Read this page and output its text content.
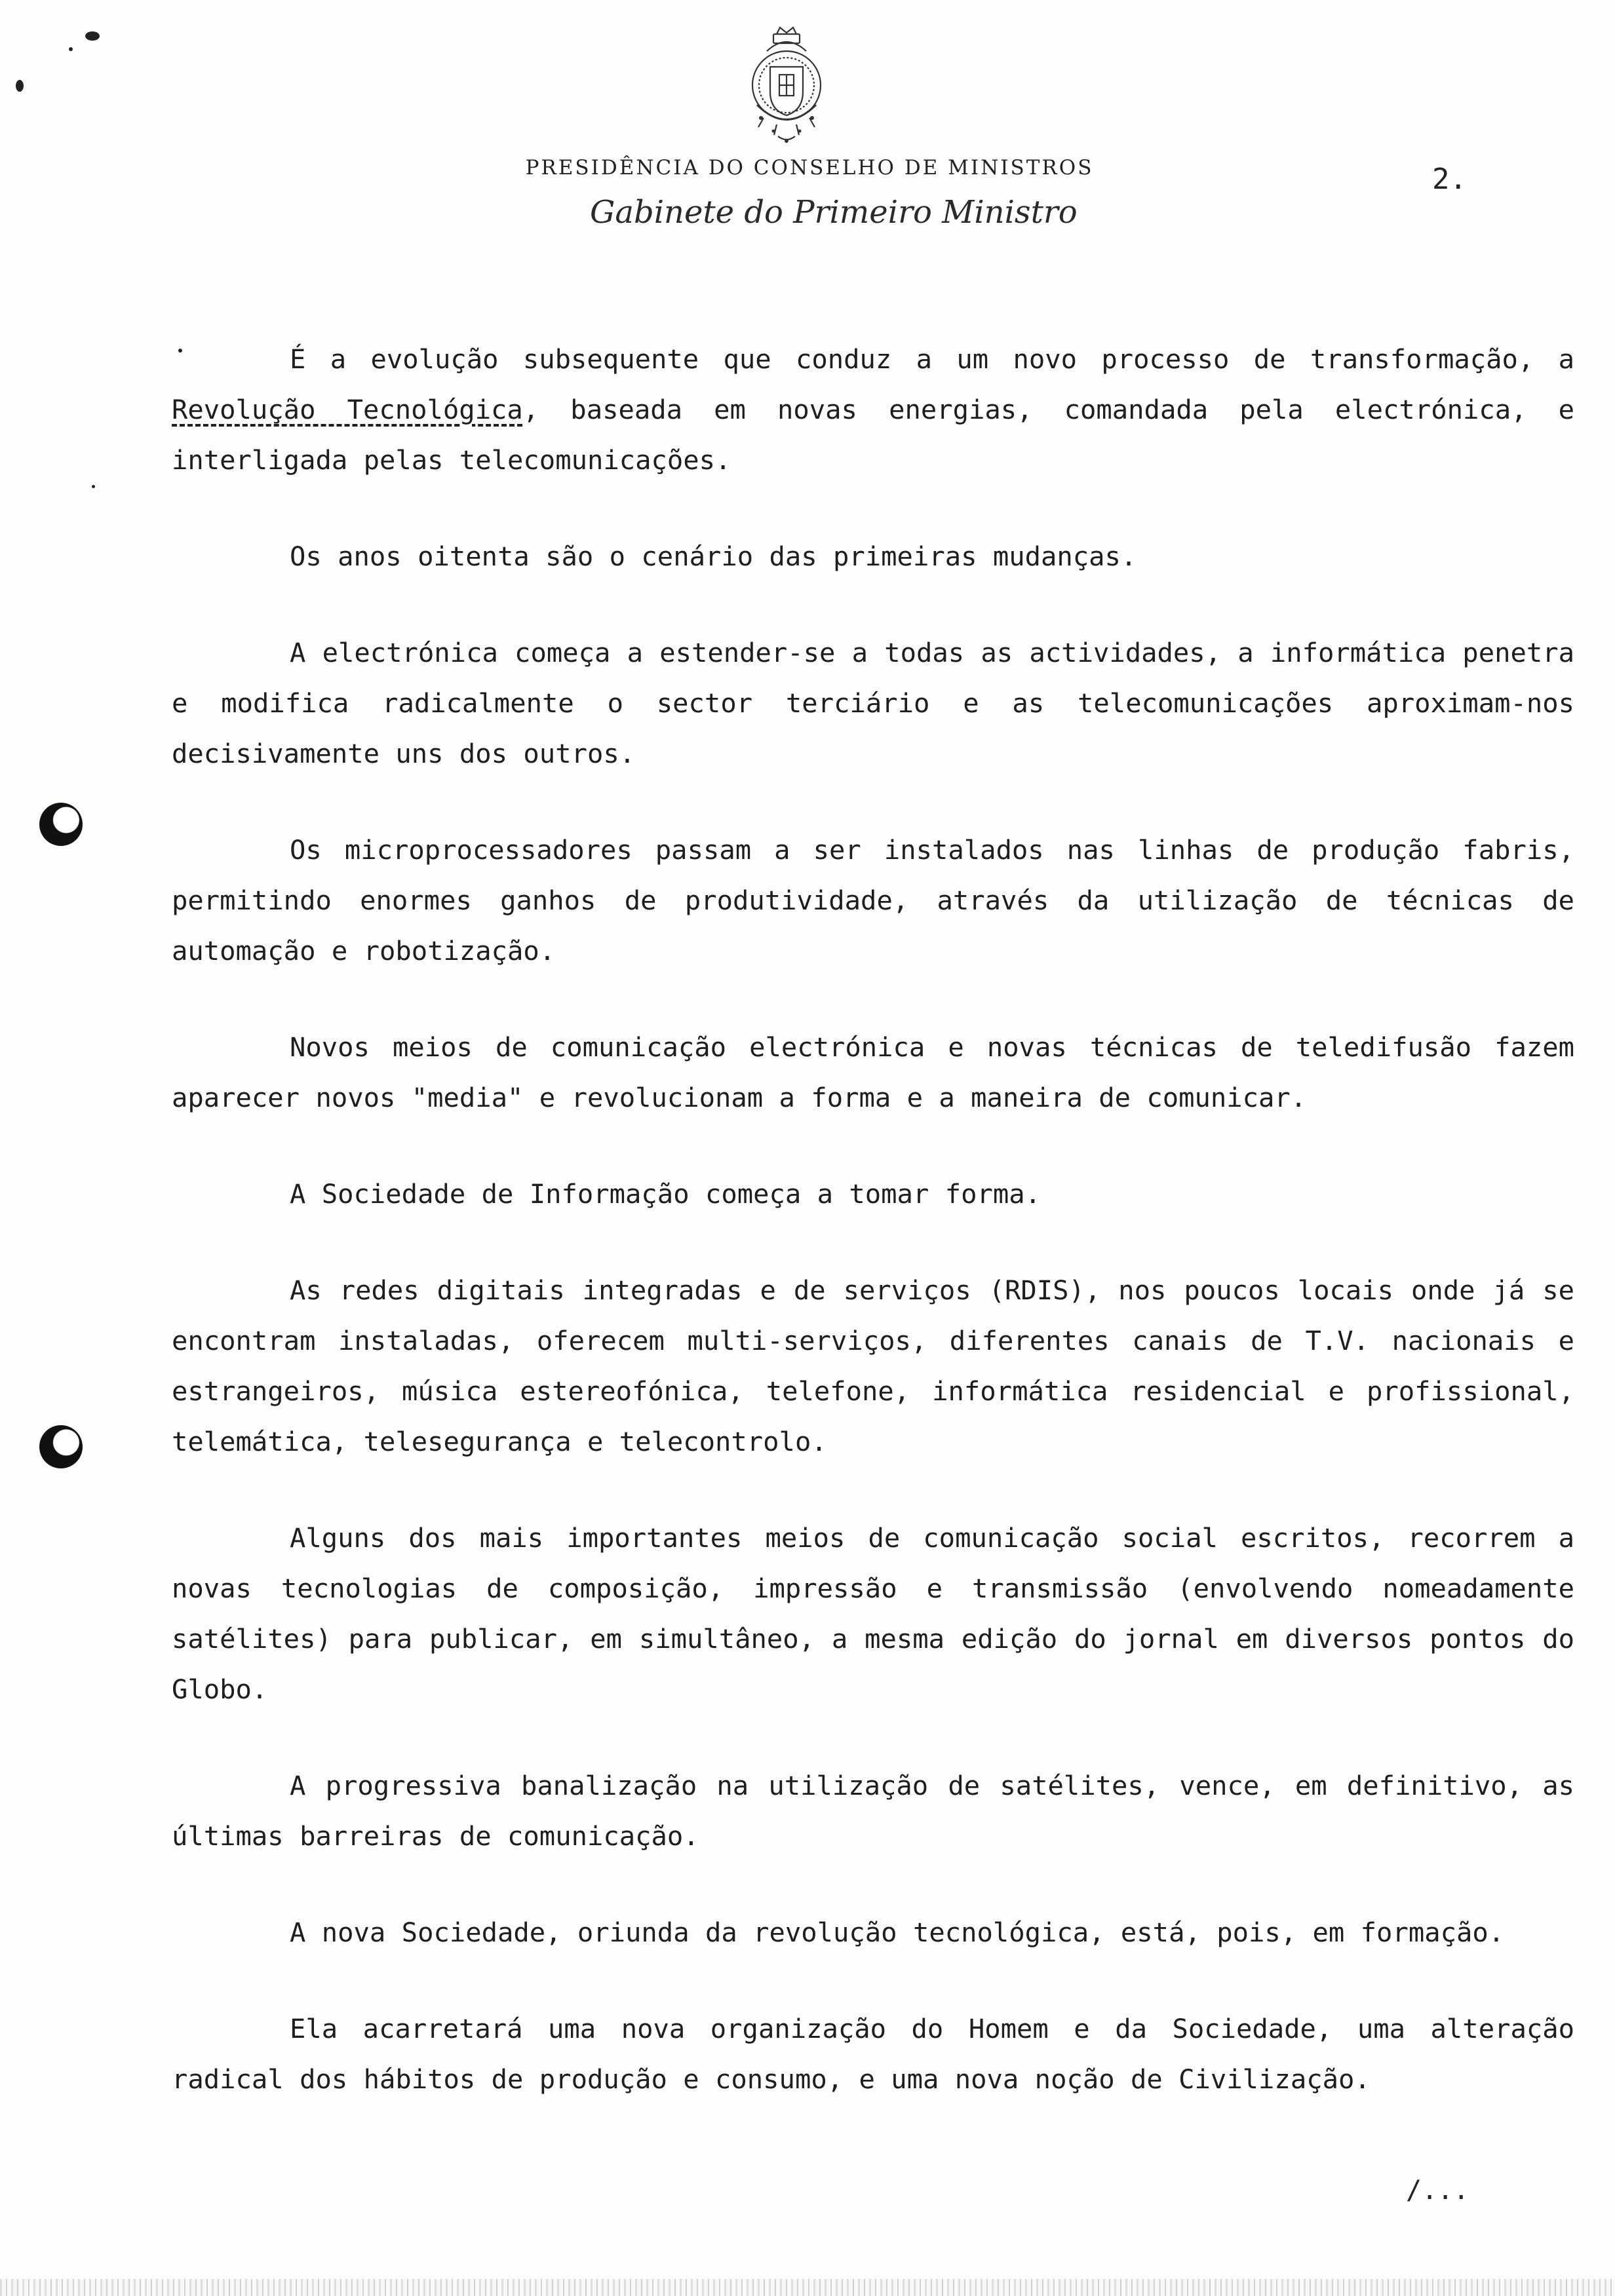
PRESIDÊNCIA DO CONSELHO DE MINISTROS
Gabinete do Primeiro Ministro
2.

É a evolução subsequente que conduz a um novo processo de transformação, a Revolução Tecnológica, baseada em novas energias, comandada pela electrónica, e interligada pelas telecomunicações.

Os anos oitenta são o cenário das primeiras mudanças.

A electrónica começa a estender-se a todas as actividades, a informática penetra e modifica radicalmente o sector terciário e as telecomunicações aproximam-nos decisivamente uns dos outros.

Os microprocessadores passam a ser instalados nas linhas de produção fabris, permitindo enormes ganhos de produtividade, através da utilização de técnicas de automação e robotização.

Novos meios de comunicação electrónica e novas técnicas de teledifusão fazem aparecer novos "media" e revolucionam a forma e a maneira de comunicar.

A Sociedade de Informação começa a tomar forma.

As redes digitais integradas e de serviços (RDIS), nos poucos locais onde já se encontram instaladas, oferecem multi-serviços, diferentes canais de T.V. nacionais e estrangeiros, música estereofónica, telefone, informática residencial e profissional, telemática, telesegurança e telecontrolo.

Alguns dos mais importantes meios de comunicação social escritos, recorrem a novas tecnologias de composição, impressão e transmissão (envolvendo nomeadamente satélites) para publicar, em simultâneo, a mesma edição do jornal em diversos pontos do Globo.

A progressiva banalização na utilização de satélites, vence, em definitivo, as últimas barreiras de comunicação.

A nova Sociedade, oriunda da revolução tecnológica, está, pois, em formação.

Ela acarretará uma nova organização do Homem e da Sociedade, uma alteração radical dos hábitos de produção e consumo, e uma nova noção de Civilização.

/...
